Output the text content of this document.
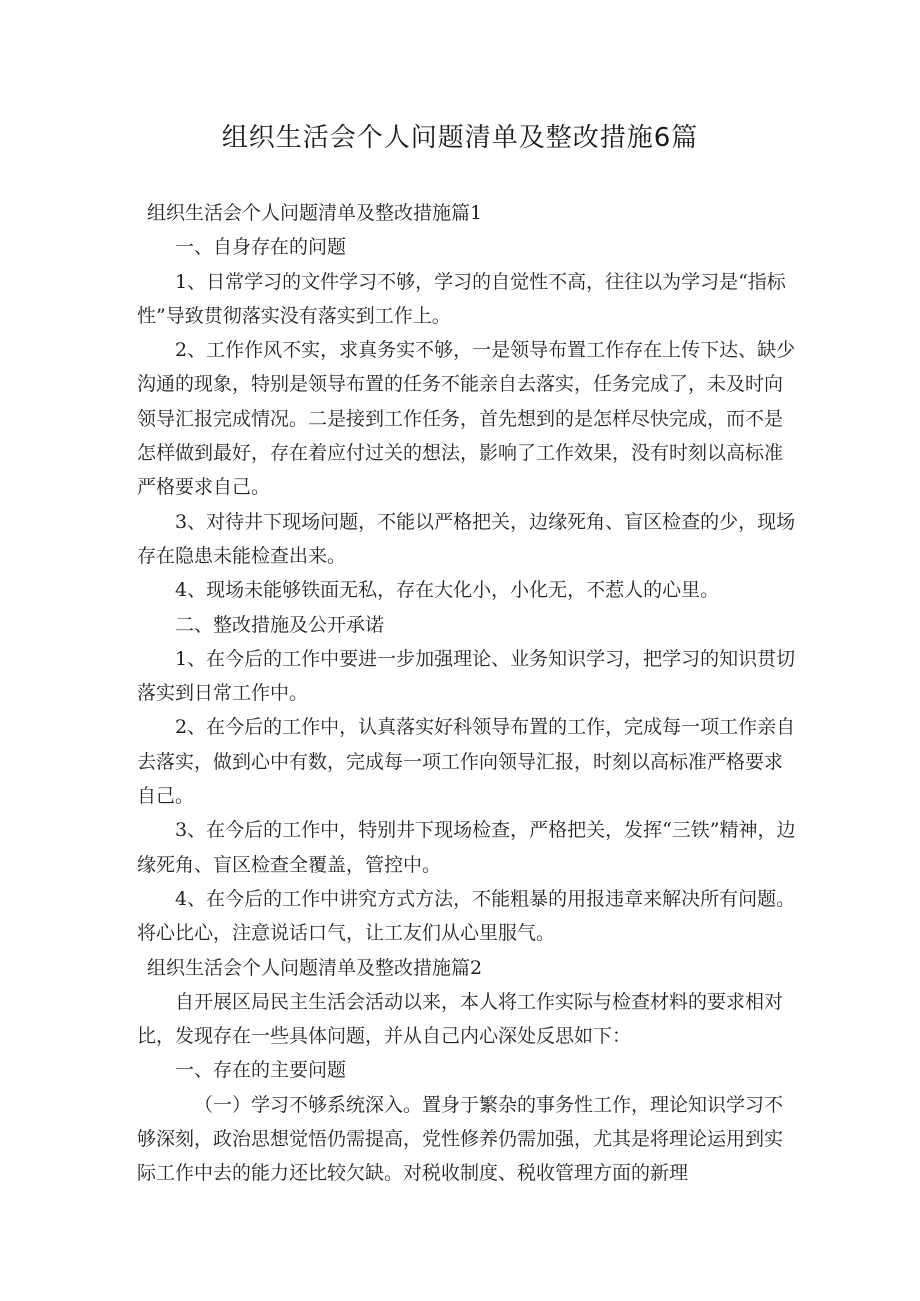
组织生活会个人问题清单及整改措施6篇

组织生活会个人问题清单及整改措施篇1

一、自身存在的问题

1、日常学习的文件学习不够，学习的自觉性不高，往往以为学习是“指标性”导致贯彻落实没有落实到工作上。

2、工作作风不实，求真务实不够，一是领导布置工作存在上传下达、缺少沟通的现象，特别是领导布置的任务不能亲自去落实，任务完成了，未及时向领导汇报完成情况。二是接到工作任务，首先想到的是怎样尽快完成，而不是怎样做到最好，存在着应付过关的想法，影响了工作效果，没有时刻以高标准严格要求自己。

3、对待井下现场问题，不能以严格把关，边缘死角、盲区检查的少，现场存在隐患未能检查出来。

4、现场未能够铁面无私，存在大化小，小化无，不惹人的心里。

二、整改措施及公开承诺

1、在今后的工作中要进一步加强理论、业务知识学习，把学习的知识贯切落实到日常工作中。

2、在今后的工作中，认真落实好科领导布置的工作，完成每一项工作亲自去落实，做到心中有数，完成每一项工作向领导汇报，时刻以高标准严格要求自己。

3、在今后的工作中，特别井下现场检查，严格把关，发挥“三铁”精神，边缘死角、盲区检查全覆盖，管控中。

4、在今后的工作中讲究方式方法，不能粗暴的用报违章来解决所有问题。将心比心，注意说话口气，让工友们从心里服气。

组织生活会个人问题清单及整改措施篇2

自开展区局民主生活会活动以来，本人将工作实际与检查材料的要求相对比，发现存在一些具体问题，并从自己内心深处反思如下：

一、存在的主要问题

（一）学习不够系统深入。置身于繁杂的事务性工作，理论知识学习不够深刻，政治思想觉悟仍需提高，党性修养仍需加强，尤其是将理论运用到实际工作中去的能力还比较欠缺。对税收制度、税收管理方面的新理
